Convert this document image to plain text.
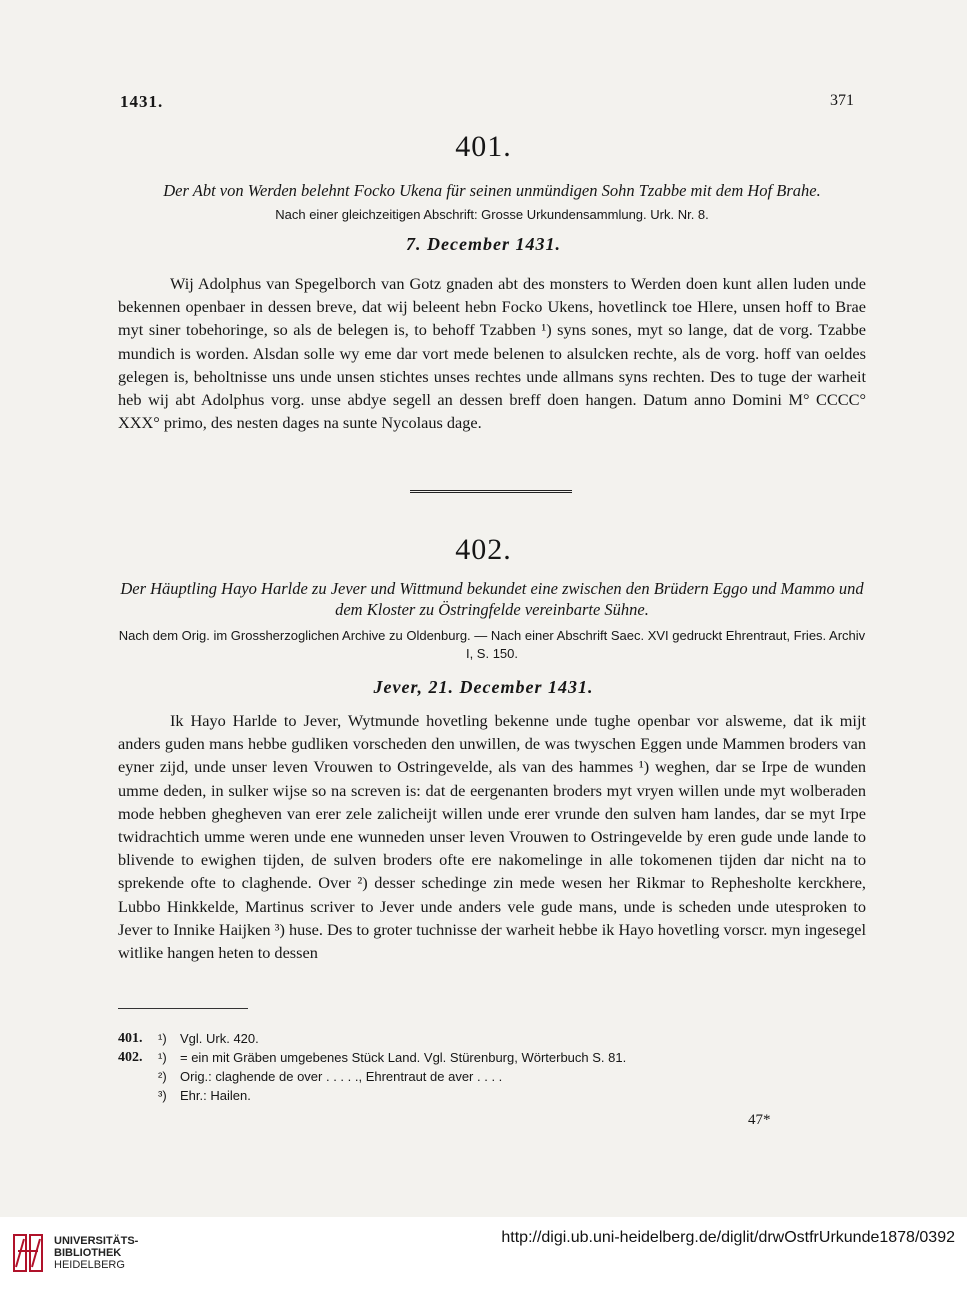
1431.	371
401.
Der Abt von Werden belehnt Focko Ukena für seinen unmündigen Sohn Tzabbe mit dem Hof Brahe.
Nach einer gleichzeitigen Abschrift: Grosse Urkundensammlung. Urk. Nr. 8.
7. December 1431.

Wij Adolphus van Spegelborch van Gotz gnaden abt des monsters to Werden doen kunt allen luden unde bekennen openbaer in dessen breve, dat wij beleent hebn Focko Ukens, hovetlinck toe Hlere, unsen hoff to Brae myt siner tobehoringe, so als de belegen is, to behoff Tzabben ¹) syns sones, myt so lange, dat de vorg. Tzabbe mundich is worden. Alsdan solle wy eme dar vort mede belenen to alsulcken rechte, als de vorg. hoff van oeldes gelegen is, beholtnisse uns unde unsen stichtes unses rechtes unde allmans syns rechten. Des to tuge der warheit heb wij abt Adolphus vorg. unse abdye segell an dessen breff doen hangen. Datum anno Domini M° CCCC° XXX° primo, des nesten dages na sunte Nycolaus dage.

402.
Der Häuptling Hayo Harlde zu Jever und Wittmund bekundet eine zwischen den Brüdern Eggo und Mammo und dem Kloster zu Östringfelde vereinbarte Sühne.
Nach dem Orig. im Grossherzoglichen Archive zu Oldenburg. — Nach einer Abschrift Saec. XVI gedruckt Ehrentraut, Fries. Archiv I, S. 150.
Jever, 21. December 1431.

Ik Hayo Harlde to Jever, Wytmunde hovetling bekenne unde tughe openbar vor alsweme, dat ik mijt anders guden mans hebbe gudliken vorscheden den unwillen, de was twyschen Eggen unde Mammen broders van eyner zijd, unde unser leven Vrouwen to Ostringevelde, als van des hammes ¹) weghen, dar se Irpe de wunden umme deden, in sulker wijse so na screven is: dat de eergenanten broders myt vryen willen unde myt wolberaden mode hebben ghegheven van erer zele zalicheijt willen unde erer vrunde den sulven ham landes, dar se myt Irpe twidrachtich umme weren unde ene wunneden unser leven Vrouwen to Ostringevelde by eren gude unde lande to blivende to ewighen tijden, de sulven broders ofte ere nakomelinge in alle tokomenen tijden dar nicht na to sprekende ofte to claghende. Over ²) desser schedinge zin mede wesen her Rikmar to Rephesholte kerckhere, Lubbo Hinkkelde, Martinus scriver to Jever unde anders vele gude mans, unde is scheden unde utesproken to Jever to Innike Haijken ³) huse. Des to groter tuchnisse der warheit hebbe ik Hayo hovetling vorscr. myn ingesegel witlike hangen heten to dessen

401.	¹)	Vgl. Urk. 420.
402.	¹)	= ein mit Gräben umgebenes Stück Land. Vgl. Stürenburg, Wörterbuch S. 81.
²)	Orig.: claghende de over . . . . ., Ehrentraut de aver . . . .
³)	Ehr.: Hailen.
47*
UNIVERSITÄTS-
BIBLIOTHEK
HEIDELBERG
http://digi.ub.uni-heidelberg.de/diglit/drwOstfrUrkunde1878/0392
